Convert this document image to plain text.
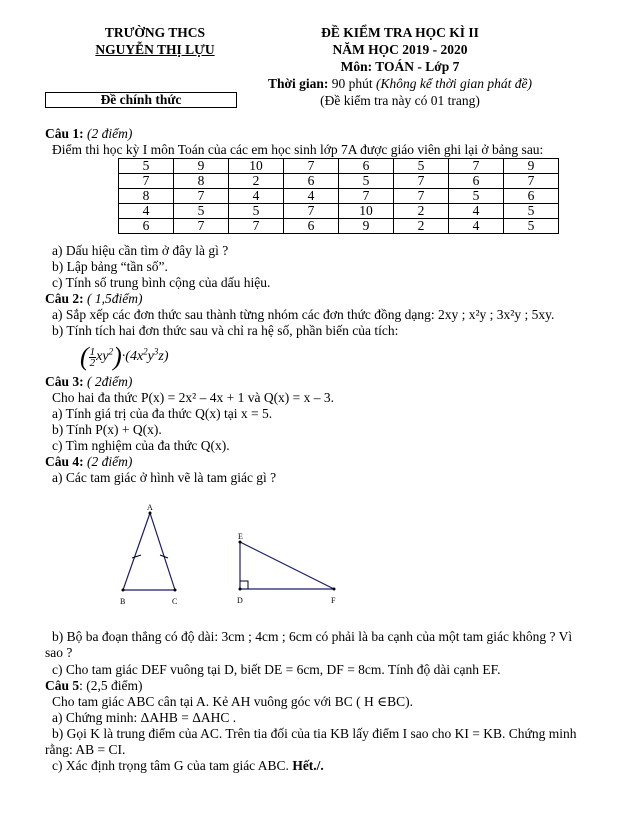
TRƯỜNG THCS
NGUYỄN THỊ LỰU
Đề chính thức
ĐỀ KIỂM TRA HỌC KÌ II
NĂM HỌC 2019 - 2020
Môn: TOÁN - Lớp 7
Thời gian: 90 phút (Không kể thời gian phát đề)
(Đề kiểm tra này có 01 trang)
Câu 1: (2 điểm)
Điểm thi học kỳ I môn Toán của các em học sinh lớp 7A được giáo viên ghi lại ở bảng sau:
5	9	10	7	6	5	7	9
7	8	2	6	5	7	6	7
8	7	4	4	7	7	5	6
4	5	5	7	10	2	4	5
6	7	7	6	9	2	4	5
a) Dấu hiệu cần tìm ở đây là gì ?
b) Lập bảng “tần số”.
c) Tính số trung bình cộng của dấu hiệu.
Câu 2: ( 1,5điểm)
a) Sắp xếp các đơn thức sau thành từng nhóm các đơn thức đồng dạng: 2xy ; x²y ; 3x²y ; 5xy.
b) Tính tích hai đơn thức sau và chỉ ra hệ số, phần biến của tích:
( $\frac{1}{2} xy^2)\cdot(4x^2y^3z)$
Câu 3: ( 2điểm)
Cho hai đa thức P(x) = 2x² – 4x + 1 và Q(x) = x – 3.
a) Tính giá trị của đa thức Q(x) tại x = 5.
b) Tính P(x) + Q(x).
c) Tìm nghiệm của đa thức Q(x).
Câu 4: (2 điểm)
a) Các tam giác ở hình vẽ là tam giác gì ?
A
B	C
E
D	F
b) Bộ ba đoạn thẳng có độ dài: 3cm ; 4cm ; 6cm có phải là ba cạnh của một tam giác không ? Vì
sao ?
c) Cho tam giác DEF vuông tại D, biết DE = 6cm, DF = 8cm. Tính độ dài cạnh EF.
Câu 5: (2,5 điểm)
Cho tam giác ABC cân tại A. Kẻ AH vuông góc với BC ( H ∈BC).
a) Chứng minh: ΔAHB = ΔAHC .
b) Gọi K là trung điểm của AC. Trên tia đối của tia KB lấy điểm I sao cho KI = KB. Chứng minh
rằng: AB = CI.
c) Xác định trọng tâm G của tam giác ABC. Hết./.
